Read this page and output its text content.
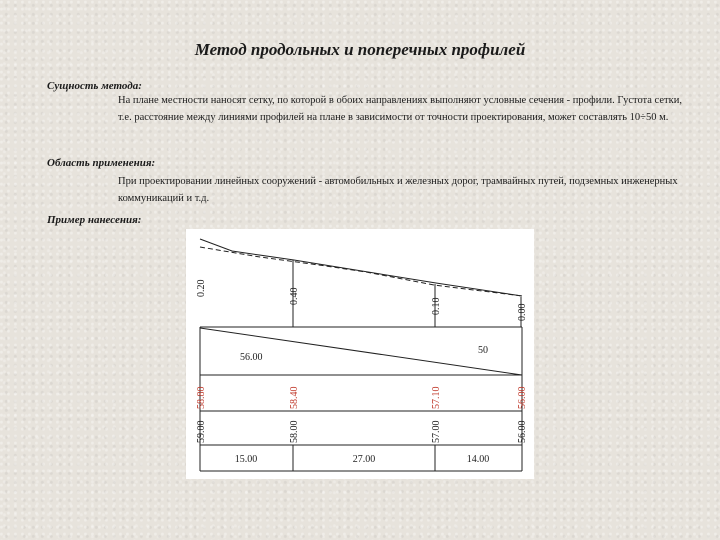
Метод продольных и поперечных профилей
Сущность метода:
На плане местности наносят сетку, по которой в обоих направлениях выполняют условные сечения - профили. Густота сетки, т.е. расстояние между линиями профилей на плане в зависимости от точности проектирования, может составлять 10÷50 м.
Область применения:
При проектировании линейных сооружений - автомобильных и железных дорог, трамвайных путей, подземных инженерных коммуникаций и т.д.
Пример нанесения:
0.20	0.40
0.10	0.00
56.00
50
58.80	58.40	57.10	56.00
59.00	58.00	57.00	56.00
15.00	27.00	14.00
